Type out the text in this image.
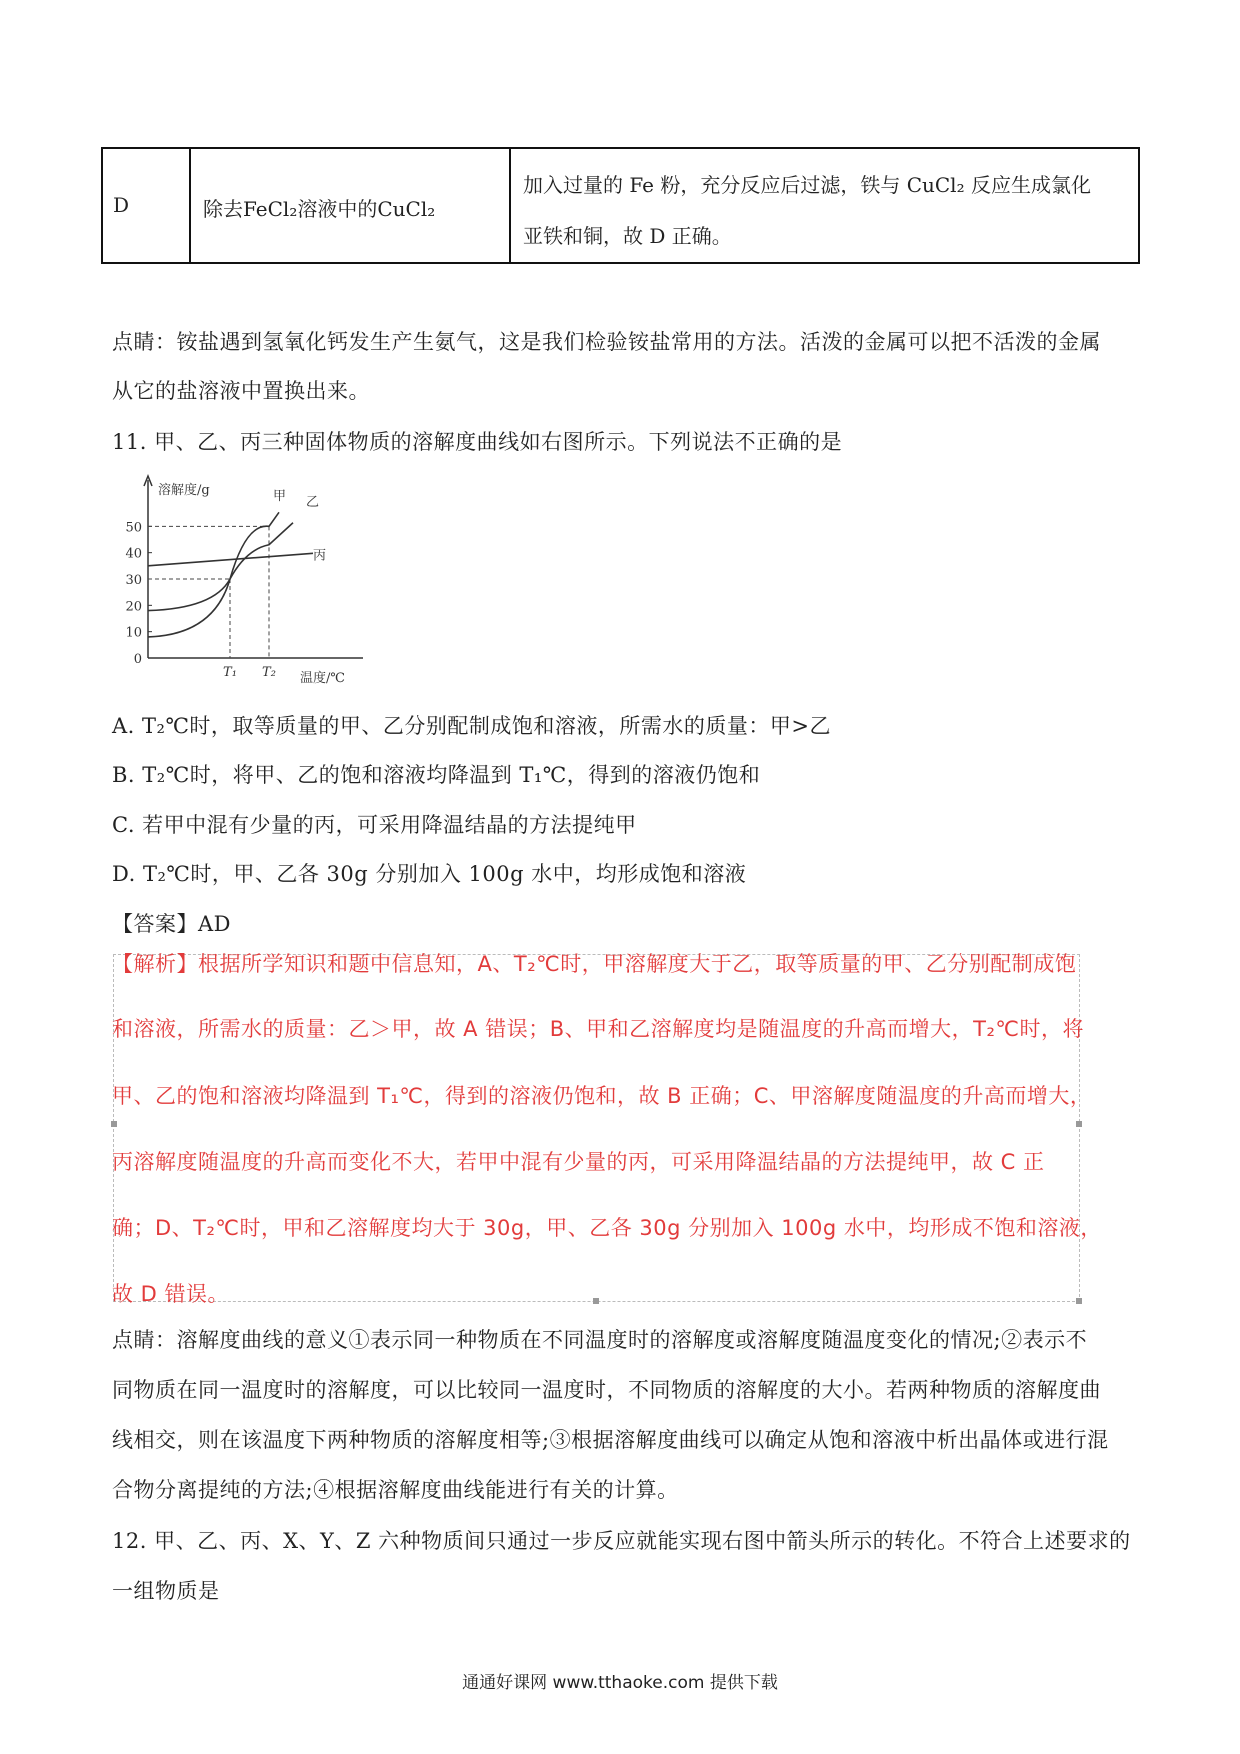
D	除去FeCl₂溶液中的CuCl₂
加入过量的 Fe 粉，充分反应后过滤，铁与 CuCl₂ 反应生成氯化
亚铁和铜，故 D 正确。
点睛：铵盐遇到氢氧化钙发生产生氨气，这是我们检验铵盐常用的方法。活泼的金属可以把不活泼的金属
从它的盐溶液中置换出来。
11. 甲、乙、丙三种固体物质的溶解度曲线如右图所示。下列说法不正确的是
0
10
20
30
40
50
溶解度/g
温度/℃
T₁ T₂
甲 乙
丙
A. T₂℃时，取等质量的甲、乙分别配制成饱和溶液，所需水的质量：甲>乙
B. T₂℃时，将甲、乙的饱和溶液均降温到 T₁℃，得到的溶液仍饱和
C. 若甲中混有少量的丙，可采用降温结晶的方法提纯甲
D. T₂℃时，甲、乙各 30g 分别加入 100g 水中，均形成饱和溶液
【答案】AD
【解析】根据所学知识和题中信息知，A、T₂℃时，甲溶解度大于乙，取等质量的甲、乙分别配制成饱
和溶液，所需水的质量：乙＞甲，故 A 错误；B、甲和乙溶解度均是随温度的升高而增大，T₂℃时，将
甲、乙的饱和溶液均降温到 T₁℃，得到的溶液仍饱和，故 B 正确；C、甲溶解度随温度的升高而增大，
丙溶解度随温度的升高而变化不大，若甲中混有少量的丙，可采用降温结晶的方法提纯甲，故 C 正
确；D、T₂℃时，甲和乙溶解度均大于 30g，甲、乙各 30g 分别加入 100g 水中，均形成不饱和溶液，
故 D 错误。
点睛：溶解度曲线的意义①表示同一种物质在不同温度时的溶解度或溶解度随温度变化的情况;②表示不
同物质在同一温度时的溶解度，可以比较同一温度时，不同物质的溶解度的大小。若两种物质的溶解度曲
线相交，则在该温度下两种物质的溶解度相等;③根据溶解度曲线可以确定从饱和溶液中析出晶体或进行混
合物分离提纯的方法;④根据溶解度曲线能进行有关的计算。
12. 甲、乙、丙、X、Y、Z 六种物质间只通过一步反应就能实现右图中箭头所示的转化。不符合上述要求的
一组物质是
通通好课网 www.tthaoke.com 提供下载
